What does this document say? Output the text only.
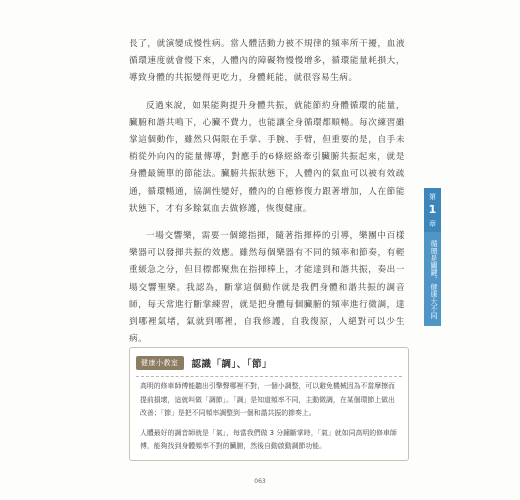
長了，就演變成慢性病。當人體活動力被不規律的頻率所干擾，血液循環速度就會慢下來，人體內的障礙物慢慢增多，循環能量耗損大，導致身體的共振變得更吃力，身體耗能，就很容易生病。

反過來說，如果能夠提升身體共振，就能節約身體循環的能量，臟腑和諧共鳴下，心臟不費力，也能讓全身循環都順暢。每次練習雖掌這個動作，雖然只侷限在手掌、手腕、手臂，但重要的是，自手未梢從外向內的能量傳導，對應手的6條經絡牽引臟腑共振起來，就是身體最簡單的節能法。臟腑共振狀態下，人體內的氣血可以被有效疏通，循環暢通，協調性變好，體內的自癒修復力跟著增加，人在節能狀態下，才有多餘氣血去做修護，恢復健康。

一場交響樂，需要一個總指揮，隨著指揮棒的引導，樂團中百樣樂器可以發揮共振的效應。雖然每個樂器有不同的頻率和節奏，有輕重緩急之分，但目標都聚焦在指揮棒上，才能達到和諧共振，奏出一場交響聖樂。我認為，斷掌這個動作就是我們身體和諧共振的調音師，每天常進行斷掌練習，就是把身體每個臟腑的頻率進行微調，達到哪裡氣堵，氣就到哪裡，自我修護，自我復原，人絕對可以少生病。

健康小教室	認識「調」、「節」

高明的修車師傅能聽出引擎聲哪裡不對，一個小調整，可以避免機械因為不當摩擦而提前損壞，這就叫做「調節」。「調」是知道頻率不同，主動微調，在某個環節上做出改善；「節」是把不同頻率調整到一個和諧共振的節奏上。

人體最好的調音師就是「氣」，每當我們做 3 分鐘斷掌時，「氣」就如同高明的修車師傅，能夠找到身體頻率不對的臟腑，然後自動啟動調節功能。

第
1
章
循環是關鍵，健康大不同
063
